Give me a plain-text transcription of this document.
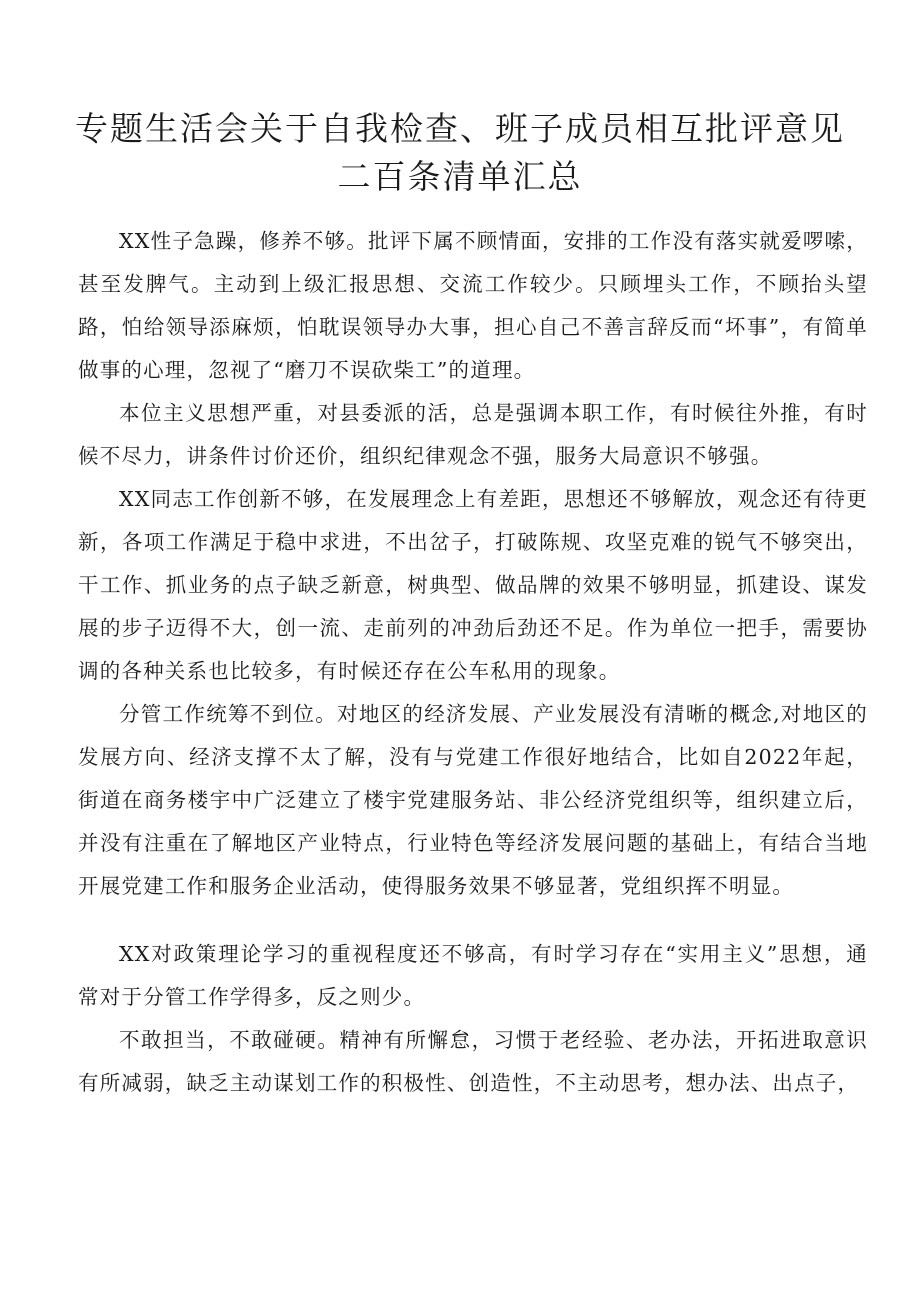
专题生活会关于自我检查、班子成员相互批评意见
二百条清单汇总

XX性子急躁，修养不够。批评下属不顾情面，安排的工作没有落实就爱啰嗦，甚至发脾气。主动到上级汇报思想、交流工作较少。只顾埋头工作，不顾抬头望路，怕给领导添麻烦，怕耽误领导办大事，担心自己不善言辞反而“坏事”，有简单做事的心理，忽视了“磨刀不误砍柴工”的道理。

本位主义思想严重，对县委派的活，总是强调本职工作，有时候往外推，有时候不尽力，讲条件讨价还价，组织纪律观念不强，服务大局意识不够强。

XX同志工作创新不够，在发展理念上有差距，思想还不够解放，观念还有待更新，各项工作满足于稳中求进，不出岔子，打破陈规、攻坚克难的锐气不够突出，干工作、抓业务的点子缺乏新意，树典型、做品牌的效果不够明显，抓建设、谋发展的步子迈得不大，创一流、走前列的冲劲后劲还不足。作为单位一把手，需要协调的各种关系也比较多，有时候还存在公车私用的现象。

分管工作统筹不到位。对地区的经济发展、产业发展没有清晰的概念,对地区的发展方向、经济支撑不太了解，没有与党建工作很好地结合，比如自2022年起，街道在商务楼宇中广泛建立了楼宇党建服务站、非公经济党组织等，组织建立后，并没有注重在了解地区产业特点，行业特色等经济发展问题的基础上，有结合当地开展党建工作和服务企业活动，使得服务效果不够显著，党组织挥不明显。

XX对政策理论学习的重视程度还不够高，有时学习存在“实用主义”思想，通常对于分管工作学得多，反之则少。

不敢担当，不敢碰硬。精神有所懈怠，习惯于老经验、老办法，开拓进取意识有所减弱，缺乏主动谋划工作的积极性、创造性，不主动思考，想办法、出点子，
